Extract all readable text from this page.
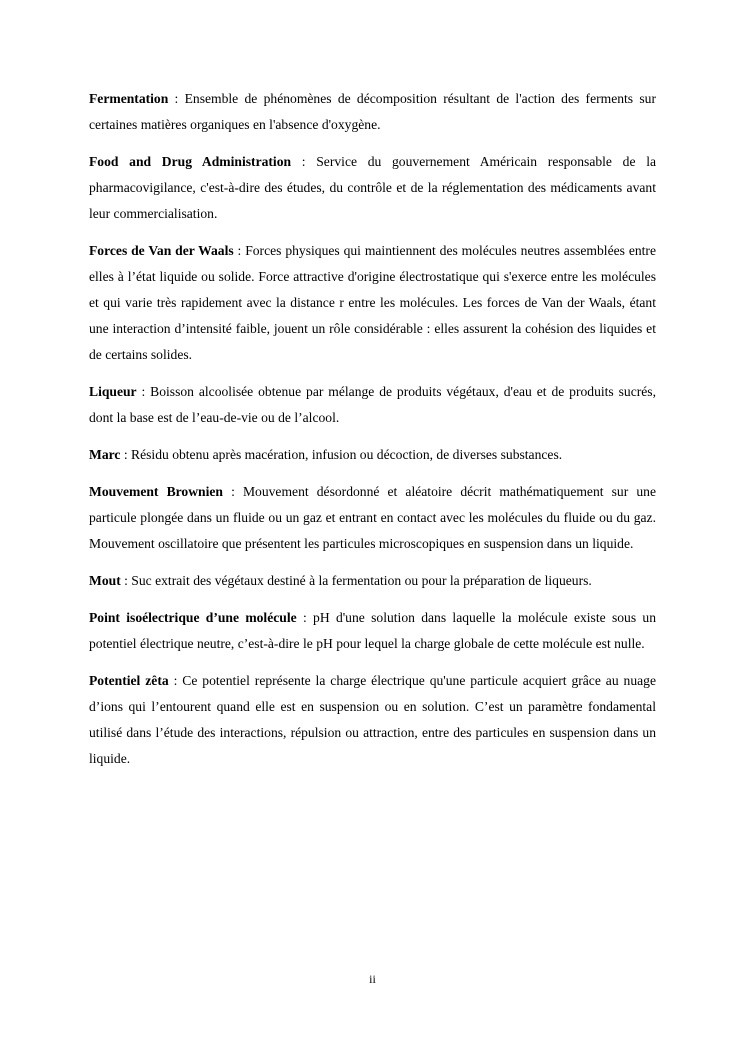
Fermentation : Ensemble de phénomènes de décomposition résultant de l'action des ferments sur certaines matières organiques en l'absence d'oxygène.

Food and Drug Administration : Service du gouvernement Américain responsable de la pharmacovigilance, c'est-à-dire des études, du contrôle et de la réglementation des médicaments avant leur commercialisation.

Forces de Van der Waals : Forces physiques qui maintiennent des molécules neutres assemblées entre elles à l’état liquide ou solide. Force attractive d'origine électrostatique qui s'exerce entre les molécules et qui varie très rapidement avec la distance r entre les molécules. Les forces de Van der Waals, étant une interaction d’intensité faible, jouent un rôle considérable : elles assurent la cohésion des liquides et de certains solides.

Liqueur : Boisson alcoolisée obtenue par mélange de produits végétaux, d'eau et de produits sucrés, dont la base est de l’eau-de-vie ou de l’alcool.

Marc : Résidu obtenu après macération, infusion ou décoction, de diverses substances.

Mouvement Brownien : Mouvement désordonné et aléatoire décrit mathématiquement sur une particule plongée dans un fluide ou un gaz et entrant en contact avec les molécules du fluide ou du gaz. Mouvement oscillatoire que présentent les particules microscopiques en suspension dans un liquide.

Mout : Suc extrait des végétaux destiné à la fermentation ou pour la préparation de liqueurs.

Point isoélectrique d’une molécule : pH d'une solution dans laquelle la molécule existe sous un potentiel électrique neutre, c’est-à-dire le pH pour lequel la charge globale de cette molécule est nulle.

Potentiel zêta : Ce potentiel représente la charge électrique qu'une particule acquiert grâce au nuage d’ions qui l’entourent quand elle est en suspension ou en solution. C’est un paramètre fondamental utilisé dans l’étude des interactions, répulsion ou attraction, entre des particules en suspension dans un liquide.

ii
